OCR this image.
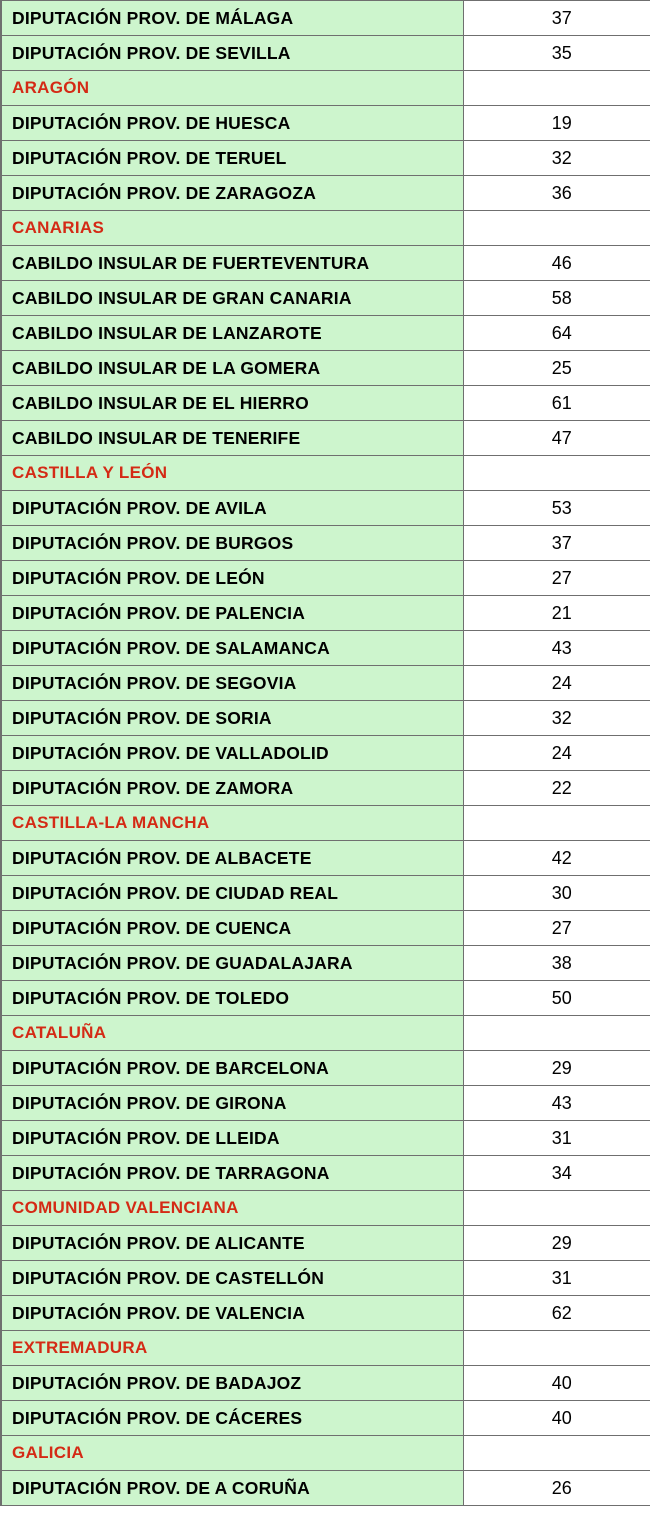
DIPUTACIÓN PROV. DE MÁLAGA	37
DIPUTACIÓN PROV. DE SEVILLA	35
ARAGÓN	
DIPUTACIÓN PROV. DE HUESCA	19
DIPUTACIÓN PROV. DE TERUEL	32
DIPUTACIÓN PROV. DE ZARAGOZA	36
CANARIAS	
CABILDO INSULAR DE FUERTEVENTURA	46
CABILDO INSULAR DE GRAN CANARIA	58
CABILDO INSULAR DE LANZAROTE	64
CABILDO INSULAR DE LA GOMERA	25
CABILDO INSULAR DE EL HIERRO	61
CABILDO INSULAR DE TENERIFE	47
CASTILLA Y LEÓN	
DIPUTACIÓN PROV. DE AVILA	53
DIPUTACIÓN PROV. DE BURGOS	37
DIPUTACIÓN PROV. DE LEÓN	27
DIPUTACIÓN PROV. DE PALENCIA	21
DIPUTACIÓN PROV. DE SALAMANCA	43
DIPUTACIÓN PROV. DE SEGOVIA	24
DIPUTACIÓN PROV. DE SORIA	32
DIPUTACIÓN PROV. DE VALLADOLID	24
DIPUTACIÓN PROV. DE ZAMORA	22
CASTILLA-LA MANCHA	
DIPUTACIÓN PROV. DE ALBACETE	42
DIPUTACIÓN PROV. DE CIUDAD REAL	30
DIPUTACIÓN PROV. DE CUENCA	27
DIPUTACIÓN PROV. DE GUADALAJARA	38
DIPUTACIÓN PROV. DE TOLEDO	50
CATALUÑA	
DIPUTACIÓN PROV. DE BARCELONA	29
DIPUTACIÓN PROV. DE GIRONA	43
DIPUTACIÓN PROV. DE LLEIDA	31
DIPUTACIÓN PROV. DE TARRAGONA	34
COMUNIDAD VALENCIANA	
DIPUTACIÓN PROV. DE ALICANTE	29
DIPUTACIÓN PROV. DE CASTELLÓN	31
DIPUTACIÓN PROV. DE VALENCIA	62
EXTREMADURA	
DIPUTACIÓN PROV. DE BADAJOZ	40
DIPUTACIÓN PROV. DE CÁCERES	40
GALICIA	
DIPUTACIÓN PROV. DE A CORUÑA	26
